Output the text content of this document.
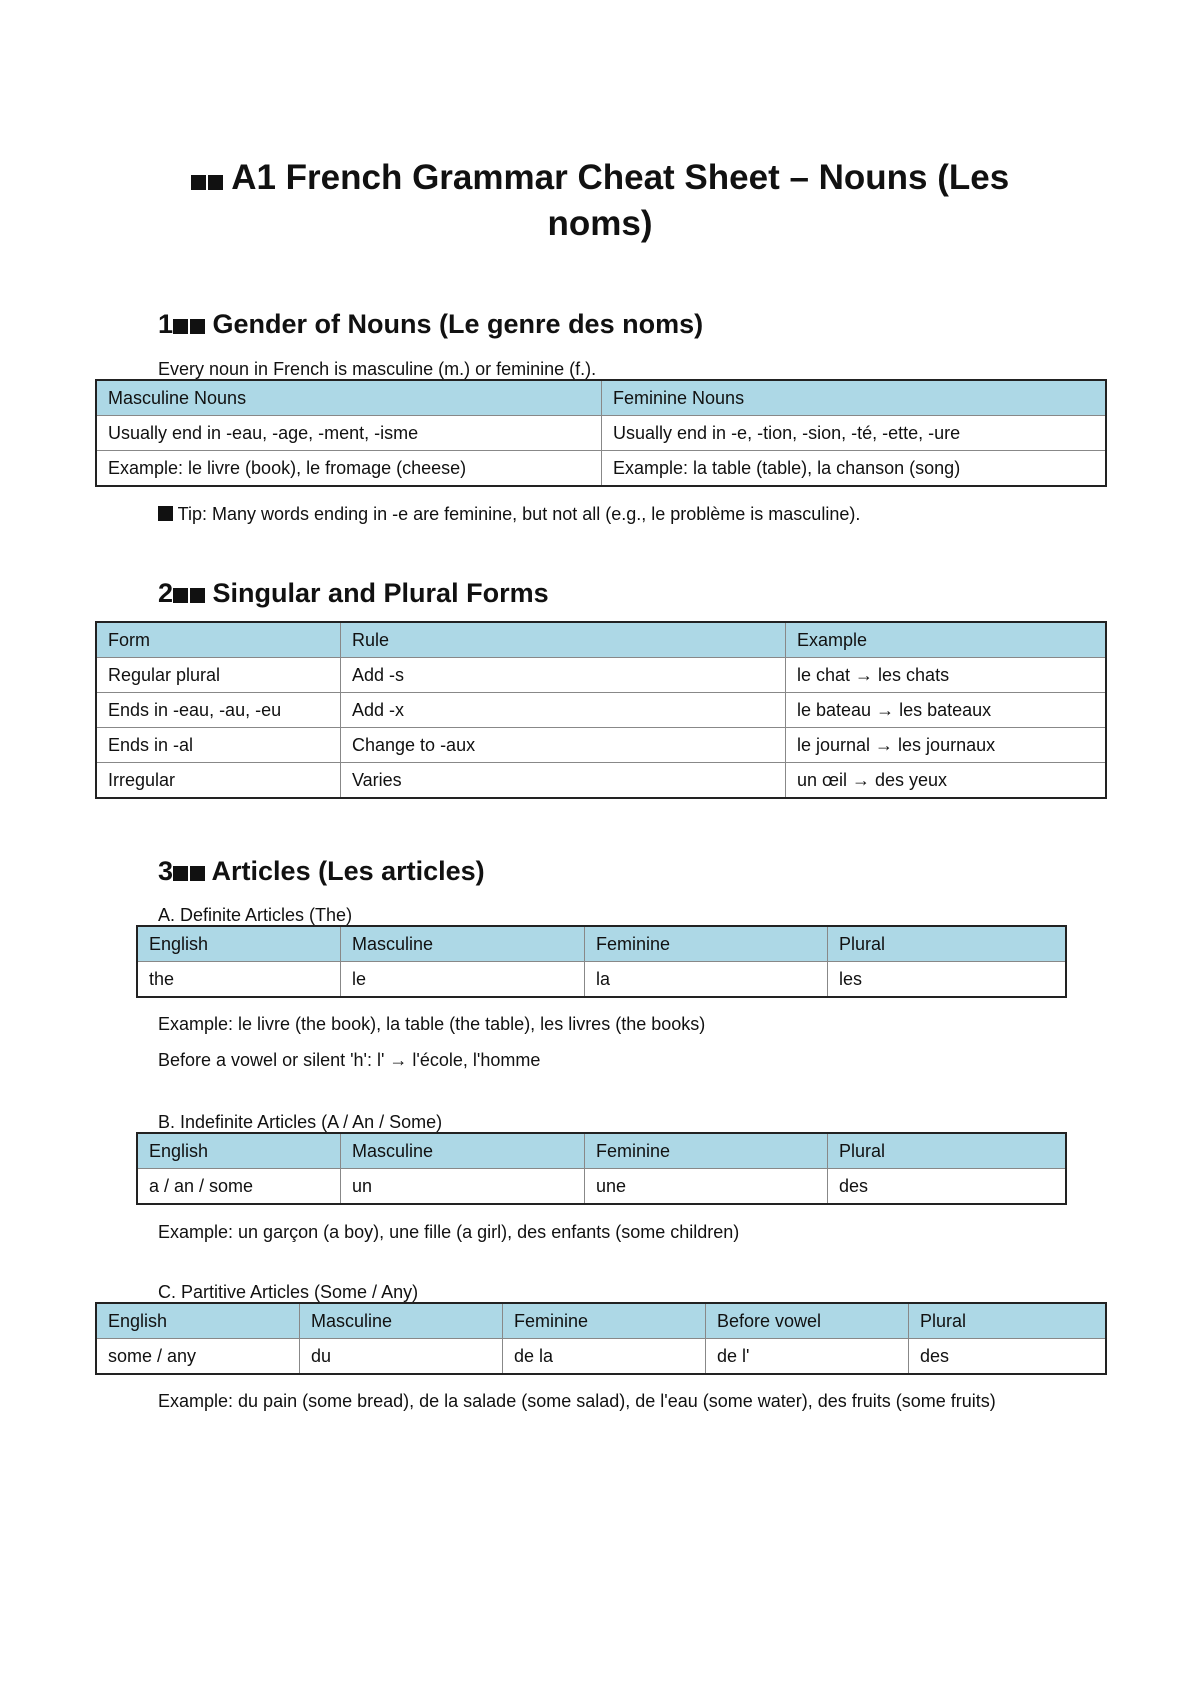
A1 French Grammar Cheat Sheet – Nouns (Les noms)
1 Gender of Nouns (Le genre des noms)

Every noun in French is masculine (m.) or feminine (f.).

Masculine Nouns	Feminine Nouns
Usually end in -eau, -age, -ment, -isme	Usually end in -e, -tion, -sion, -té, -ette, -ure
Example: le livre (book), le fromage (cheese)	Example: la table (table), la chanson (song)

Tip: Many words ending in -e are feminine, but not all (e.g., le problème is masculine).

2 Singular and Plural Forms
Form	Rule	Example
Regular plural	Add -s	le chat → les chats
Ends in -eau, -au, -eu	Add -x	le bateau → les bateaux
Ends in -al	Change to -aux	le journal → les journaux
Irregular	Varies	un œil → des yeux
3 Articles (Les articles)

A. Definite Articles (The)

English	Masculine	Feminine	Plural
the	le	la	les

Example: le livre (the book), la table (the table), les livres (the books)

Before a vowel or silent 'h': l' → l'école, l'homme

B. Indefinite Articles (A / An / Some)

English	Masculine	Feminine	Plural
a / an / some	un	une	des

Example: un garçon (a boy), une fille (a girl), des enfants (some children)

C. Partitive Articles (Some / Any)

English	Masculine	Feminine	Before vowel	Plural
some / any	du	de la	de l'	des

Example: du pain (some bread), de la salade (some salad), de l'eau (some water), des fruits (some fruits)
